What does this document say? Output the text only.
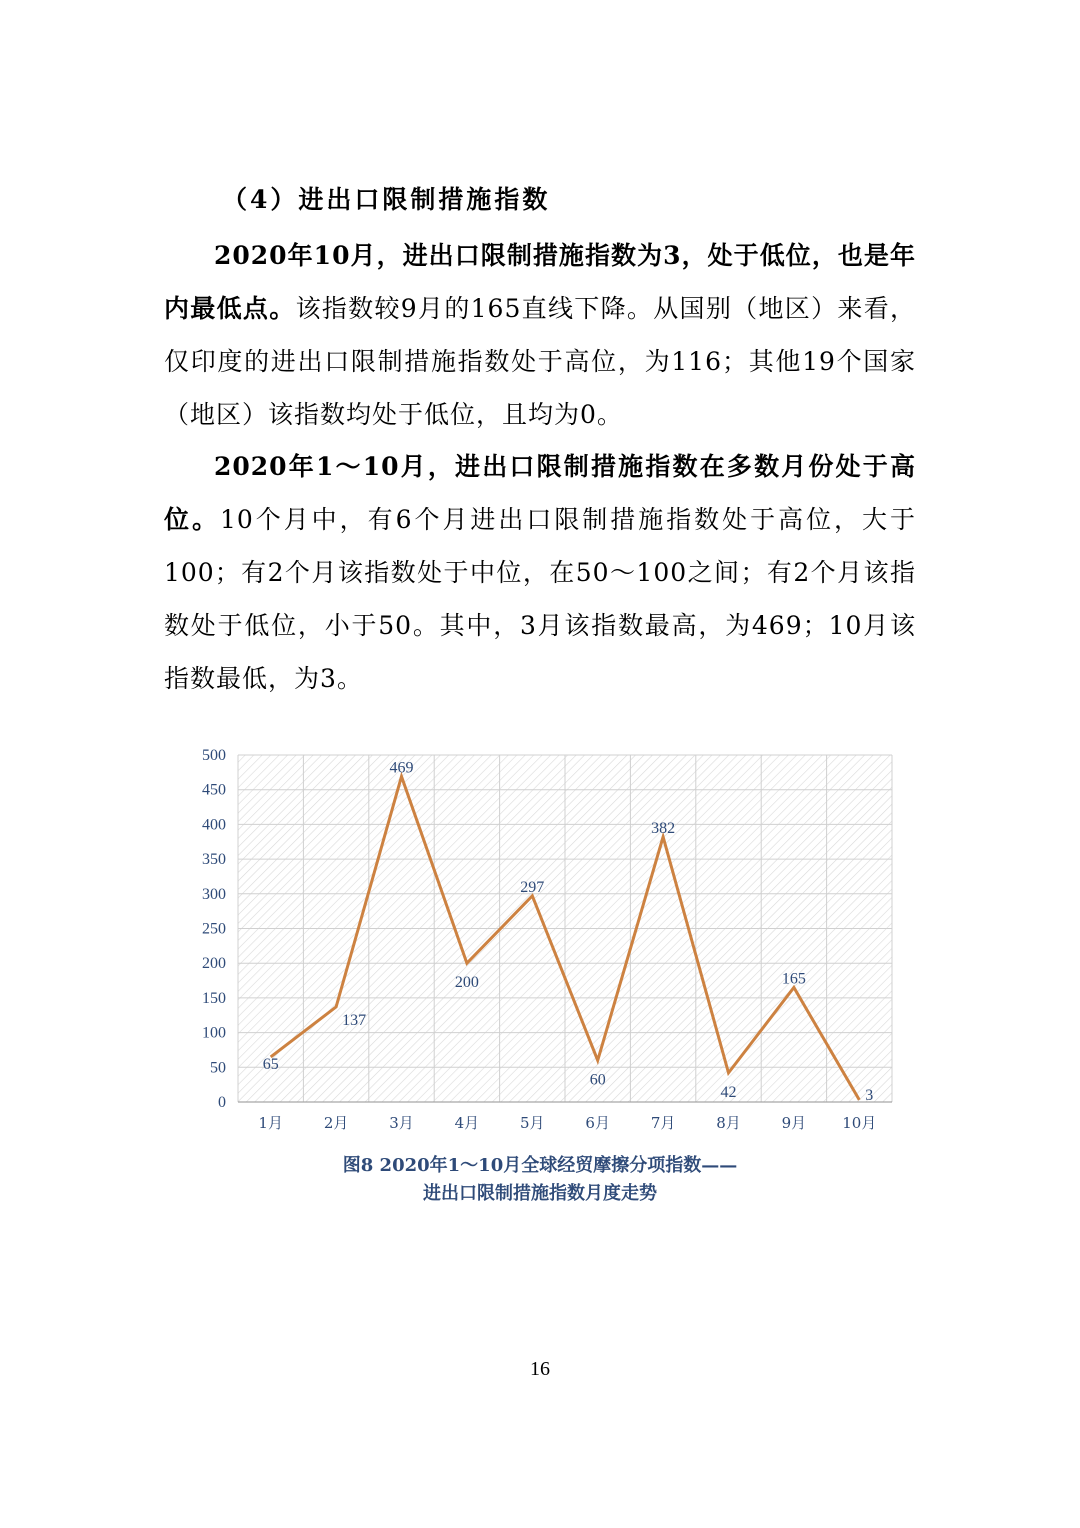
（4）进出口限制措施指数

2020年10月，进出口限制措施指数为3，处于低位，也是年内最低点。该指数较9月的165直线下降。从国别（地区）来看，仅印度的进出口限制措施指数处于高位，为116；其他19个国家（地区）该指数均处于低位，且均为0。

2020年1～10月，进出口限制措施指数在多数月份处于高位。10个月中，有6个月进出口限制措施指数处于高位，大于100；有2个月该指数处于中位，在50～100之间；有2个月该指数处于低位，小于50。其中，3月该指数最高，为469；10月该指数最低，为3。

0
50
100
150
200
250
300
350
400
450
500
1月	2月	3月	4月	5月	6月	7月	8月	9月 10月
65
137
469
200
297
60
382
42
165
3

图8 2020年1～10月全球经贸摩擦分项指数——

进出口限制措施指数月度走势

16
